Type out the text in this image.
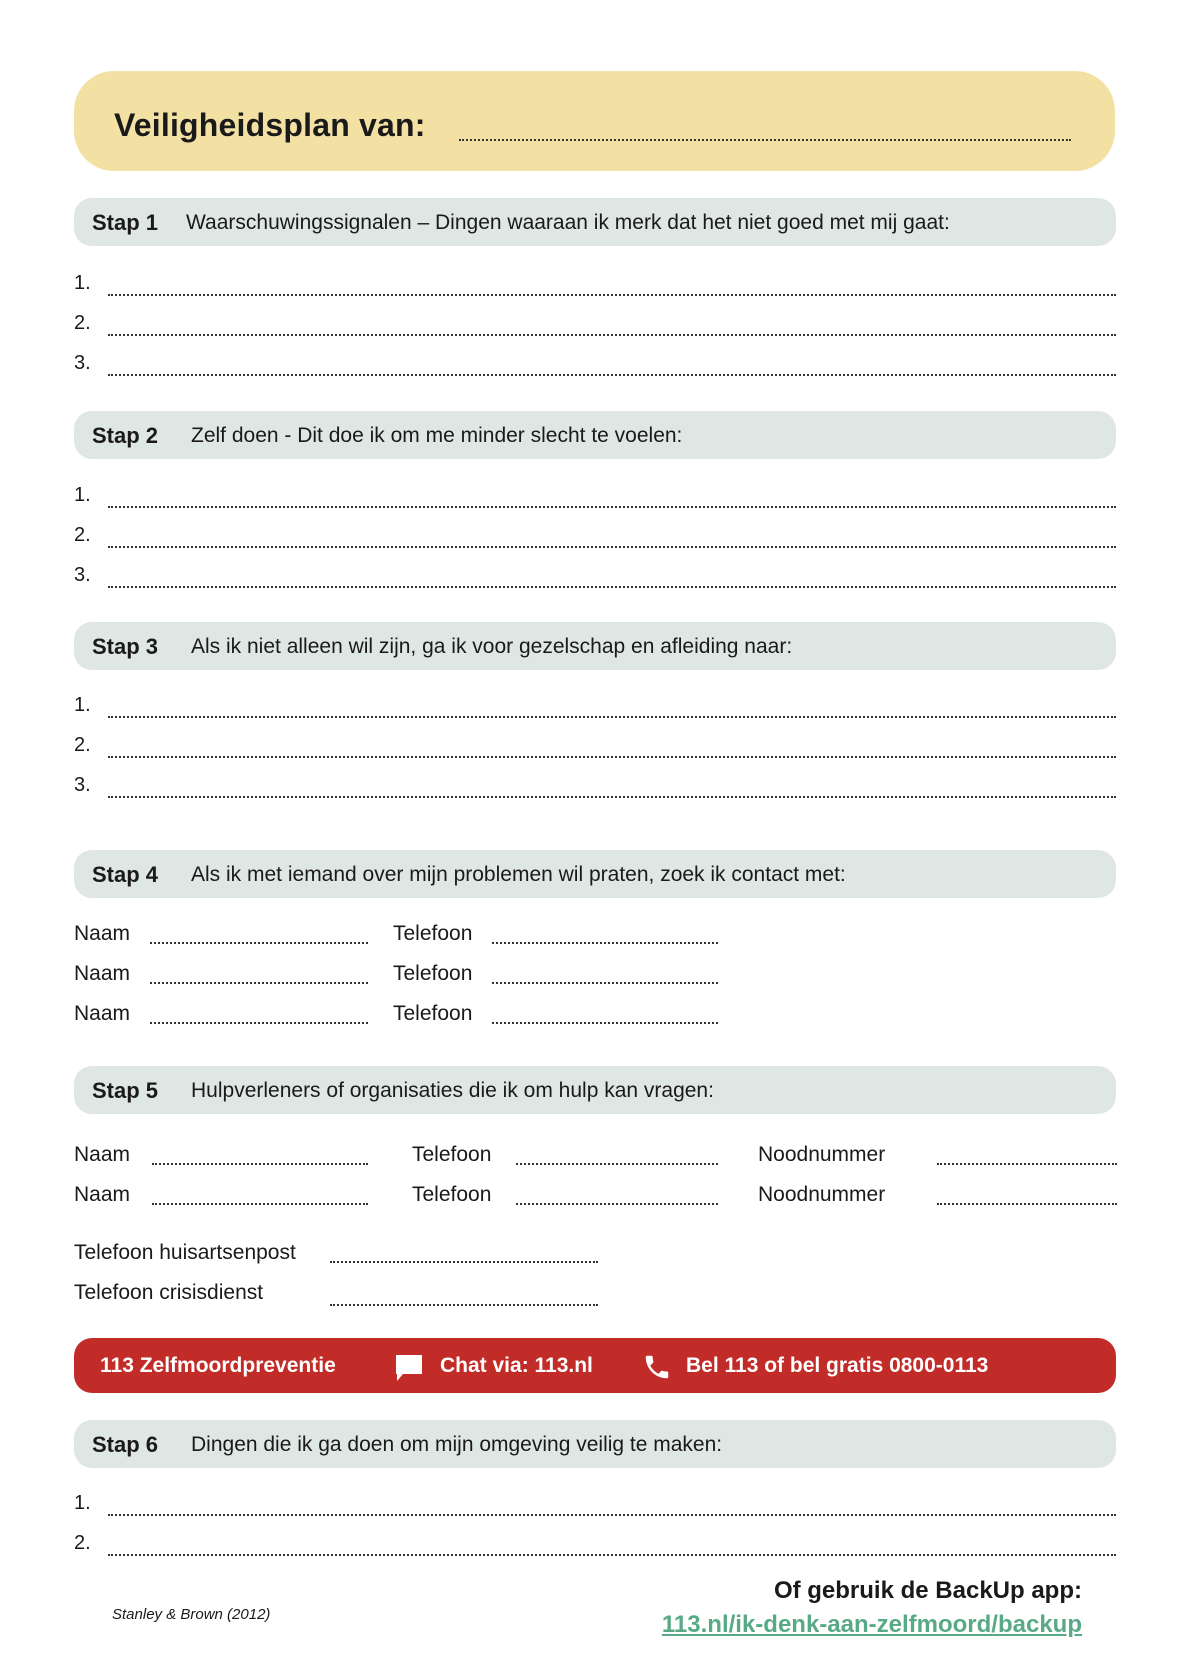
Veiligheidsplan van:
Stap 1 Waarschuwingssignalen – Dingen waaraan ik merk dat het niet goed met mij gaat:
1.
2.
3.
Stap 2 Zelf doen - Dit doe ik om me minder slecht te voelen:
1.
2.
3.
Stap 3 Als ik niet alleen wil zijn, ga ik voor gezelschap en afleiding naar:
1.
2.
3.
Stap 4 Als ik met iemand over mijn problemen wil praten, zoek ik contact met:
Naam	Telefoon
Naam	Telefoon
Naam	Telefoon
Stap 5 Hulpverleners of organisaties die ik om hulp kan vragen:
Naam	Telefoon	Noodnummer
Naam	Telefoon	Noodnummer
Telefoon huisartsenpost
Telefoon crisisdienst
113 Zelfmoordpreventie	Chat via: 113.nl	Bel 113 of bel gratis 0800-0113
Stap 6 Dingen die ik ga doen om mijn omgeving veilig te maken:
1.
2.
Stanley & Brown (2012)
Of gebruik de BackUp app:
113.nl/ik-denk-aan-zelfmoord/backup
